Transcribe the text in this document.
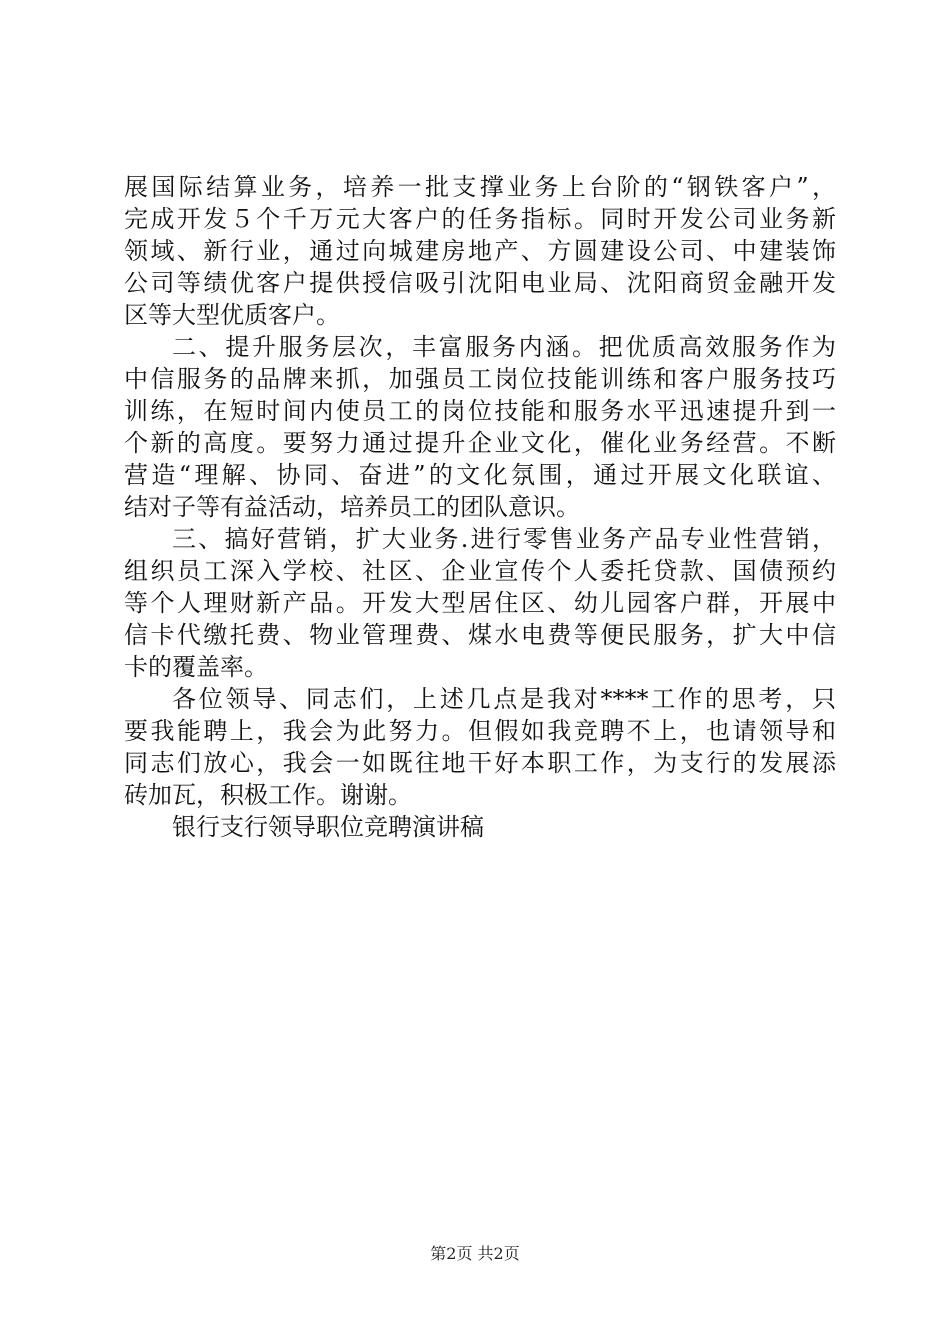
展国际结算业务，培养一批支撑业务上台阶的“钢铁客户”，
完成开发５个千万元大客户的任务指标。同时开发公司业务新
领域、新行业，通过向城建房地产、方圆建设公司、中建装饰
公司等绩优客户提供授信吸引沈阳电业局、沈阳商贸金融开发
区等大型优质客户。
二、提升服务层次，丰富服务内涵。把优质高效服务作为
中信服务的品牌来抓，加强员工岗位技能训练和客户服务技巧
训练，在短时间内使员工的岗位技能和服务水平迅速提升到一
个新的高度。要努力通过提升企业文化，催化业务经营。不断
营造“理解、协同、奋进”的文化氛围，通过开展文化联谊、
结对子等有益活动，培养员工的团队意识。
三、搞好营销，扩大业务.进行零售业务产品专业性营销，
组织员工深入学校、社区、企业宣传个人委托贷款、国债预约
等个人理财新产品。开发大型居住区、幼儿园客户群，开展中
信卡代缴托费、物业管理费、煤水电费等便民服务，扩大中信
卡的覆盖率。
各位领导、同志们，上述几点是我对****工作的思考，只
要我能聘上，我会为此努力。但假如我竞聘不上，也请领导和
同志们放心，我会一如既往地干好本职工作，为支行的发展添
砖加瓦，积极工作。谢谢。
银行支行领导职位竞聘演讲稿
第2页 共2页
